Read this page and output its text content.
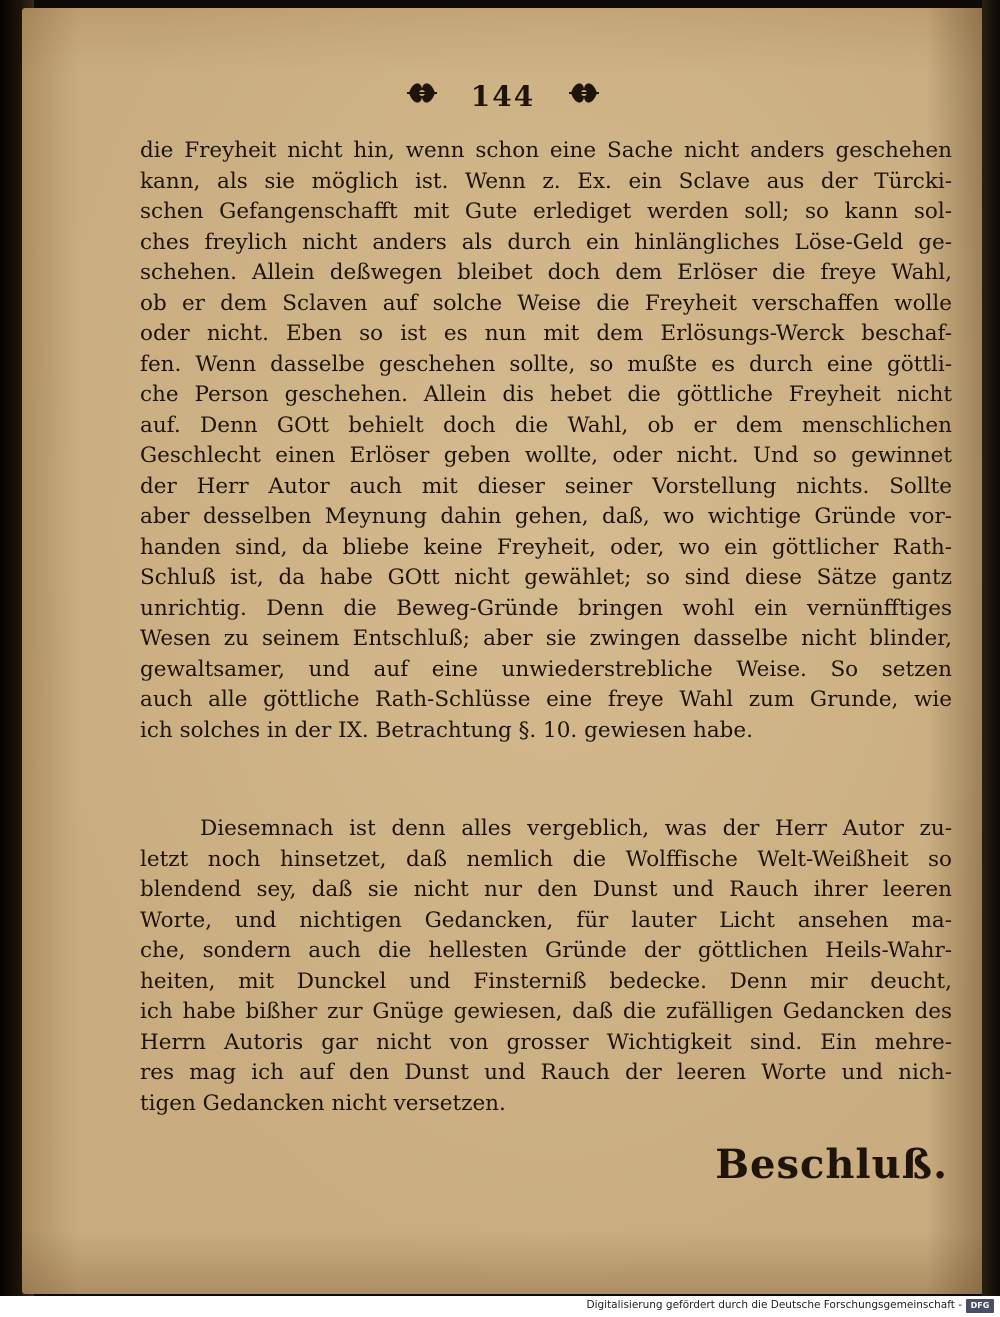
144
die Freyheit nicht hin, wenn schon eine Sache nicht anders geschehen
kann, als sie möglich ist. Wenn z. Ex. ein Sclave aus der Türcki-
schen Gefangenschafft mit Gute erlediget werden soll; so kann sol-
ches freylich nicht anders als durch ein hinlängliches Löse-Geld ge-
schehen. Allein deßwegen bleibet doch dem Erlöser die freye Wahl,
ob er dem Sclaven auf solche Weise die Freyheit verschaffen wolle
oder nicht. Eben so ist es nun mit dem Erlösungs-Werck beschaf-
fen. Wenn dasselbe geschehen sollte, so mußte es durch eine göttli-
che Person geschehen. Allein dis hebet die göttliche Freyheit nicht
auf. Denn GOtt behielt doch die Wahl, ob er dem menschlichen
Geschlecht einen Erlöser geben wollte, oder nicht. Und so gewinnet
der Herr Autor auch mit dieser seiner Vorstellung nichts. Sollte
aber desselben Meynung dahin gehen, daß, wo wichtige Gründe vor-
handen sind, da bliebe keine Freyheit, oder, wo ein göttlicher Rath-
Schluß ist, da habe GOtt nicht gewählet; so sind diese Sätze gantz
unrichtig. Denn die Beweg-Gründe bringen wohl ein vernünfftiges
Wesen zu seinem Entschluß; aber sie zwingen dasselbe nicht blinder,
gewaltsamer, und auf eine unwiederstrebliche Weise. So setzen
auch alle göttliche Rath-Schlüsse eine freye Wahl zum Grunde, wie
ich solches in der IX. Betrachtung §. 10. gewiesen habe.
Diesemnach ist denn alles vergeblich, was der Herr Autor zu-
letzt noch hinsetzet, daß nemlich die Wolffische Welt-Weißheit so
blendend sey, daß sie nicht nur den Dunst und Rauch ihrer leeren
Worte, und nichtigen Gedancken, für lauter Licht ansehen ma-
che, sondern auch die hellesten Gründe der göttlichen Heils-Wahr-
heiten, mit Dunckel und Finsterniß bedecke. Denn mir deucht,
ich habe bißher zur Gnüge gewiesen, daß die zufälligen Gedancken des
Herrn Autoris gar nicht von grosser Wichtigkeit sind. Ein mehre-
res mag ich auf den Dunst und Rauch der leeren Worte und nich-
tigen Gedancken nicht versetzen.
Beschluß.
Digitalisierung gefördert durch die Deutsche Forschungsgemeinschaft -	DFG
